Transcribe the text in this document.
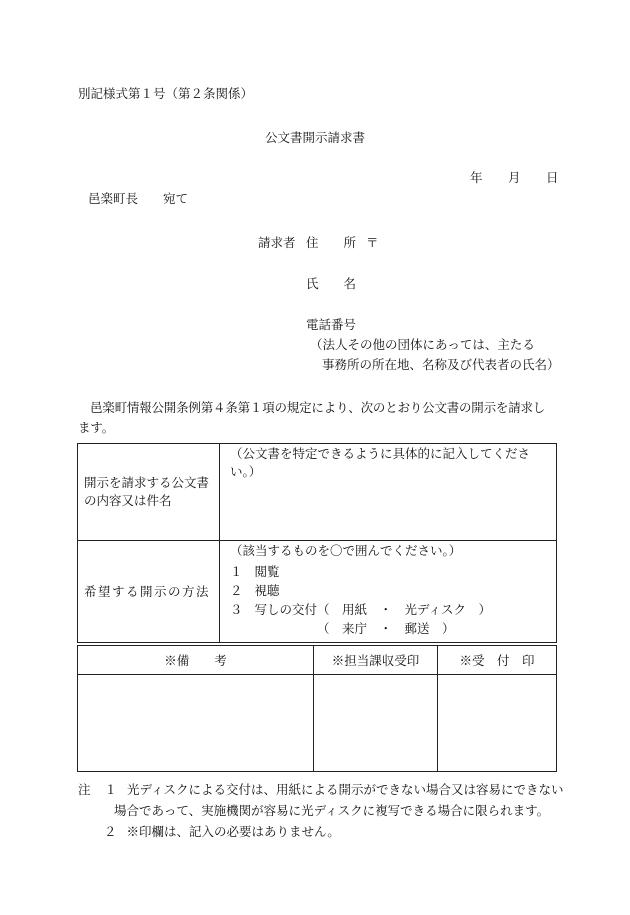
別記様式第１号（第２条関係）
公文書開示請求書
年 月 日
邑楽町長　　宛て
請求者 住　　所 〒
氏　　名
電話番号
（法人その他の団体にあっては、主たる
事務所の所在地、名称及び代表者の氏名）
邑楽町情報公開条例第４条第１項の規定により、次のとおり公文書の開示を請求します。
開示を請求する公文書の内容又は件名	（公文書を特定できるように具体的に記入してください。）

希望する開示の方法	（該当するものを〇で囲んでください。）
１ 閲覧
２ 視聴
３ 写しの交付（　用紙　・　光ディスク　）
（　来庁　・　郵送　）
※備　　考	※担当課収受印	※受　付　印

注 １ 光ディスクによる交付は、用紙による開示ができない場合又は容易にできない
場合であって、実施機関が容易に光ディスクに複写できる場合に限られます。
２ ※印欄は、記入の必要はありません。
